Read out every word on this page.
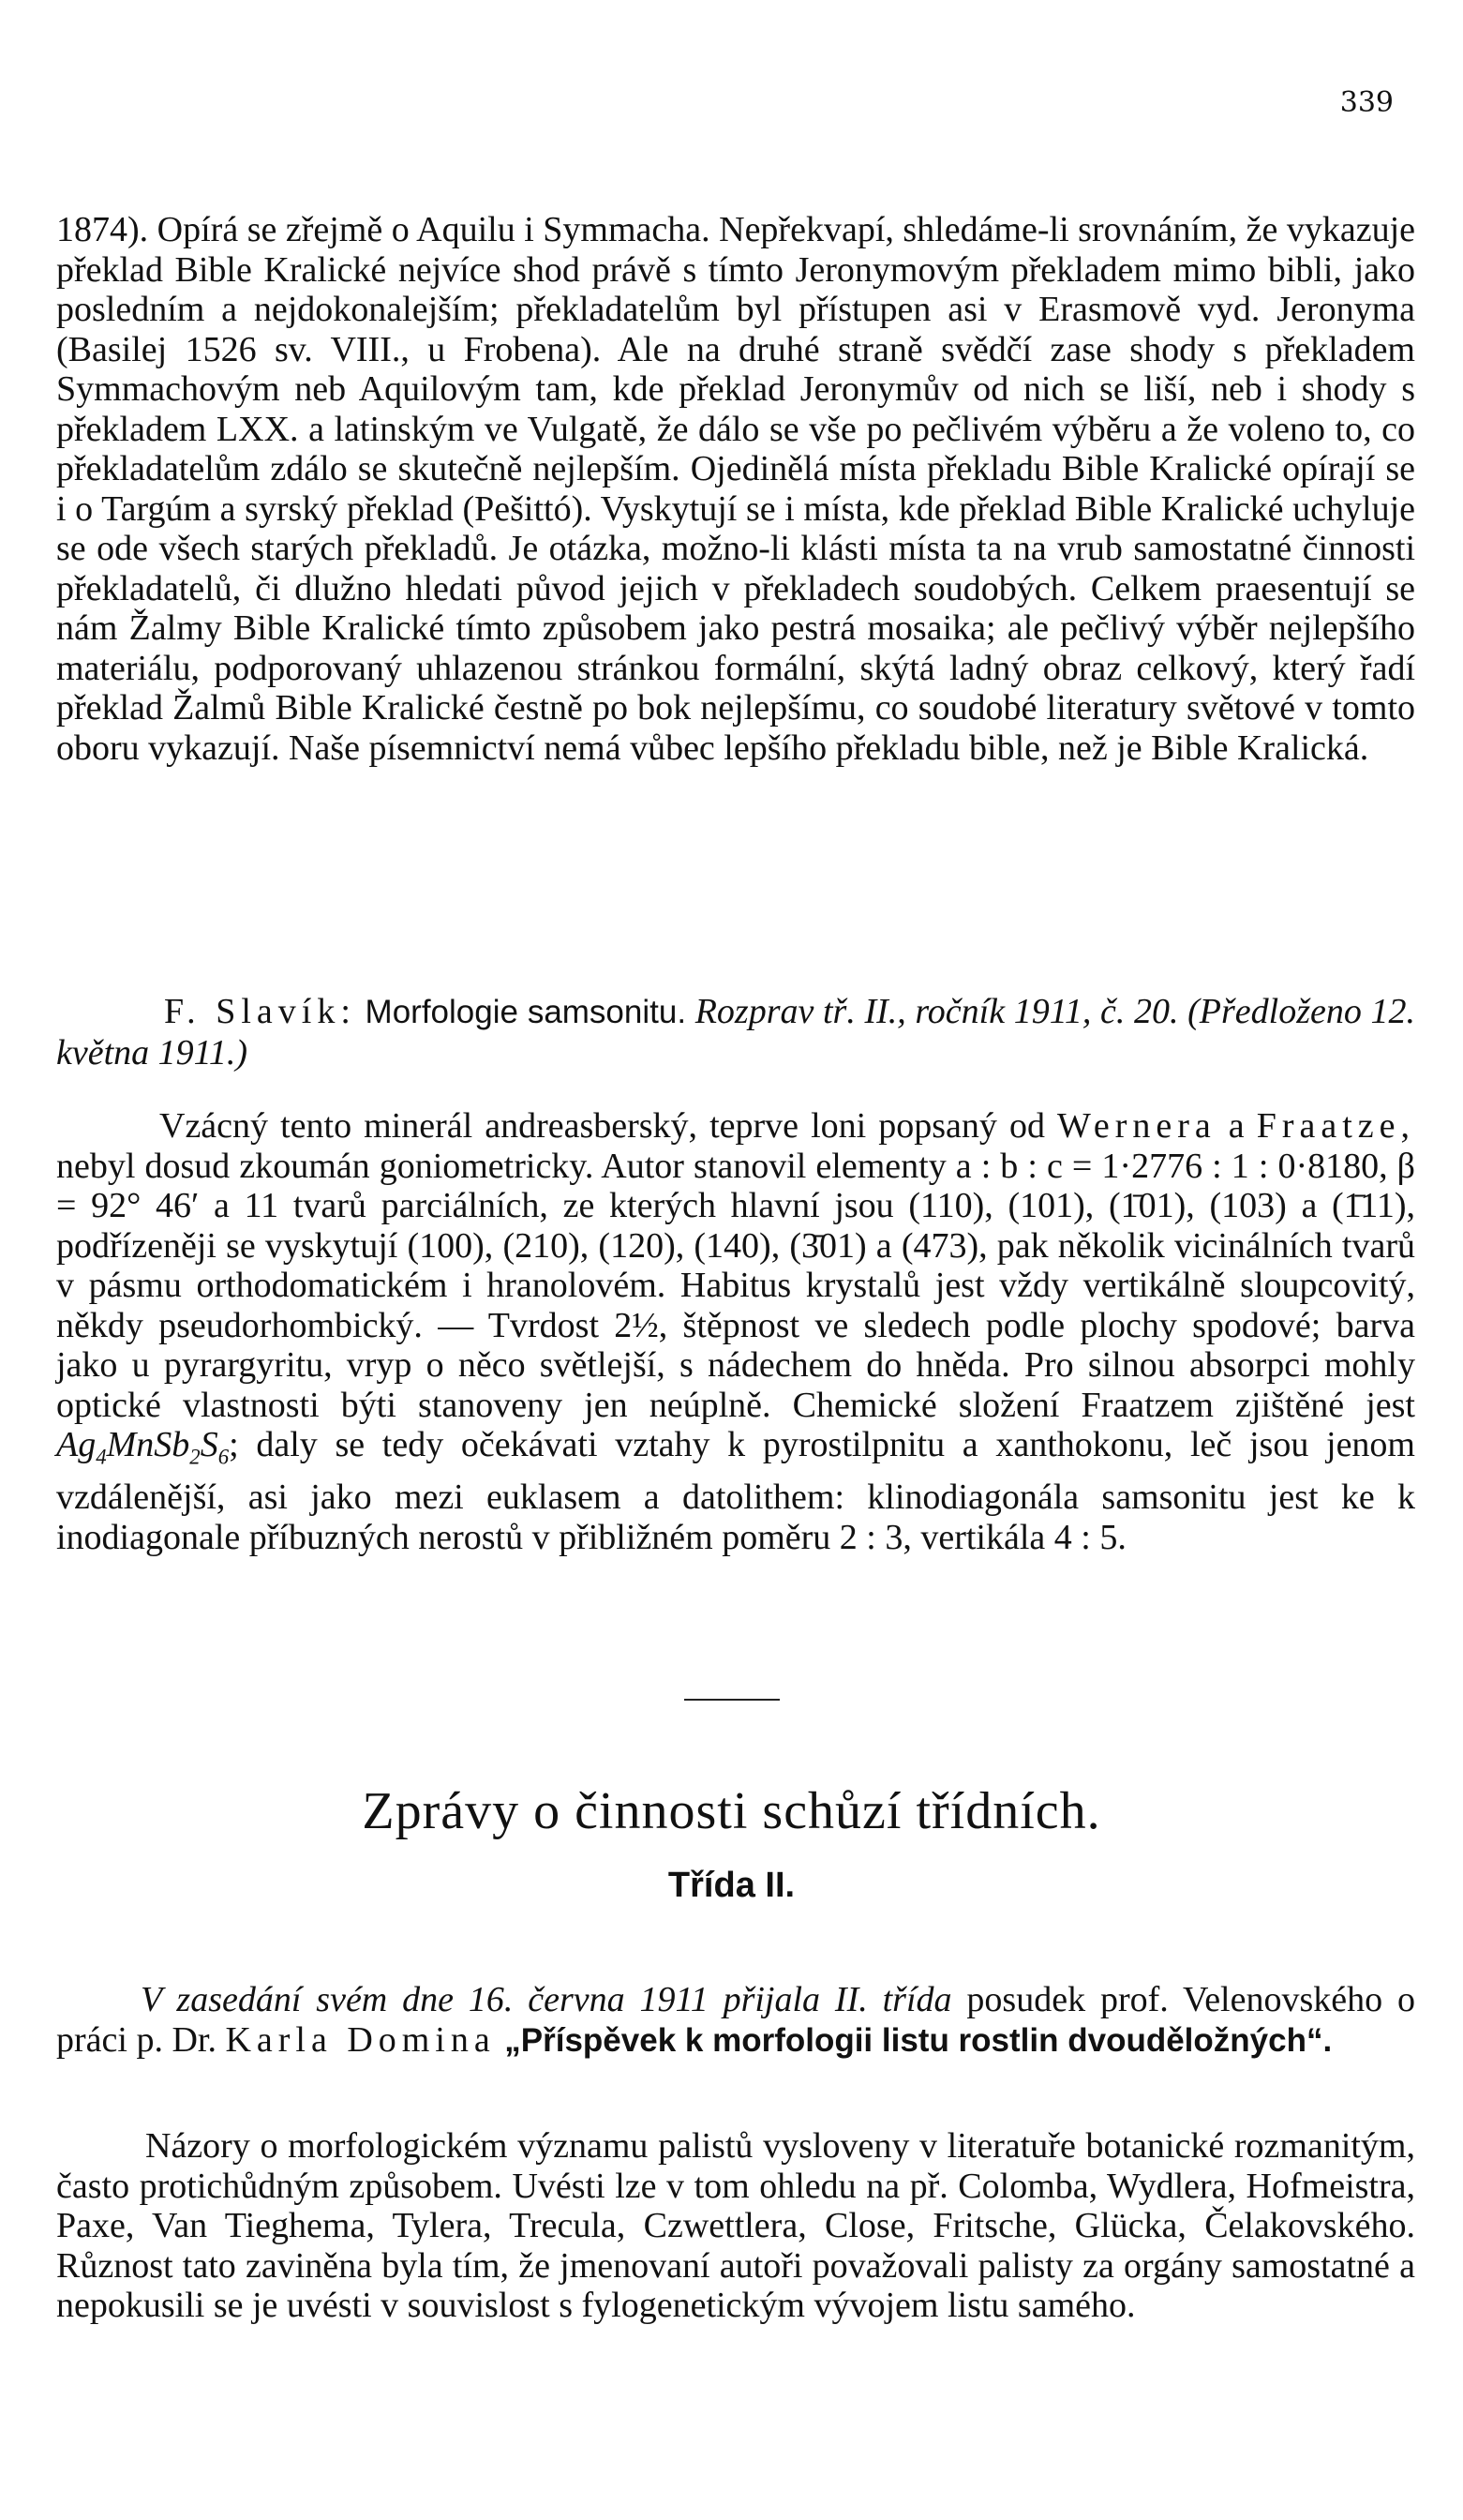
339

1874). Opírá se zřejmě o Aquilu i Symmacha. Nepřekvapí, shledáme-li srovnáním, že vykazuje překlad Bible Kralické nejvíce shod právě s tímto Jeronymovým překladem mimo bibli, jako posledním a nejdokonalejším; překladatelům byl přístupen asi v Erasmově vyd. Jeronyma (Basilej 1526 sv. VIII., u Frobena). Ale na druhé straně svědčí zase shody s překladem Symmachovým neb Aquilovým tam, kde překlad Jeronymův od nich se liší, neb i shody s překladem LXX. a latinským ve Vulgatě, že dálo se vše po pečlivém výběru a že voleno to, co překladatelům zdálo se skutečně nejlepším. Ojedinělá místa překladu Bible Kralické opírají se i o Targúm a syrský překlad (Pešittó). Vyskytují se i místa, kde překlad Bible Kralické uchyluje se ode všech starých překladů. Je otázka, možno-li klásti místa ta na vrub samostatné činnosti překladatelů, či dlužno hledati původ jejich v překladech soudobých. Celkem praesentují se nám Žalmy Bible Kralické tímto způsobem jako pestrá mosaika; ale pečlivý výběr nejlepšího materiálu, podporovaný uhlazenou stránkou formální, skýtá ladný obraz celkový, který řadí překlad Žalmů Bible Kralické čestně po bok nejlepšímu, co soudobé literatury světové v tomto oboru vykazují. Naše písemnictví nemá vůbec lepšího překladu bible, než je Bible Kralická.

F. Slavík: Morfologie samsonitu. Rozprav tř. II., ročník 1911, č. 20. (Předloženo 12. května 1911.)

Vzácný tento minerál andreasberský, teprve loni popsaný od Wernera a Fraatze, nebyl dosud zkoumán goniometricky. Autor stanovil elementy a : b : c = 1·2776 : 1 : 0·8180, β = 92° 46′ a 11 tvarů parciálních, ze kterých hlavní jsou (110), (101), (1̄01), (103) a (1̄11), podřízeněji se vyskytují (100), (210), (120), (140), (3̄01) a (473), pak několik vicinálních tvarů v pásmu orthodomatickém i hranolovém. Habitus krystalů jest vždy vertikálně sloupcovitý, někdy pseudorhombický. — Tvrdost 2½, štěpnost ve sledech podle plochy spodové; barva jako u pyrargyritu, vryp o něco světlejší, s nádechem do hněda. Pro silnou absorpci mohly optické vlastnosti býti stanoveny jen neúplně. Chemické složení Fraatzem zjištěné jest $Ag_4MnSb_2S_6$; daly se tedy očekávati vztahy k pyrostilpnitu a xanthokonu, leč jsou jenom vzdálenější, asi jako mezi euklasem a datolithem: klinodiagonála samsonitu jest ke k inodiagonale příbuzných nerostů v přibližném poměru 2 : 3, vertikála 4 : 5.

Zprávy o činnosti schůzí třídních.
Třída II.

V zasedání svém dne 16. června 1911 přijala II. třída posudek prof. Velenovského o práci p. Dr. Karla Domina „Příspěvek k morfologii listu rostlin dvouděložných“.

Názory o morfologickém významu palistů vysloveny v literatuře botanické rozmanitým, často protichůdným způsobem. Uvésti lze v tom ohledu na př. Colomba, Wydlera, Hofmeistra, Paxe, Van Tieghema, Tylera, Trecula, Czwettlera, Close, Fritsche, Glücka, Čelakovského. Různost tato zaviněna byla tím, že jmenovaní autoři považovali palisty za orgány samostatné a nepokusili se je uvésti v souvislost s fylogenetickým vývojem listu samého.
